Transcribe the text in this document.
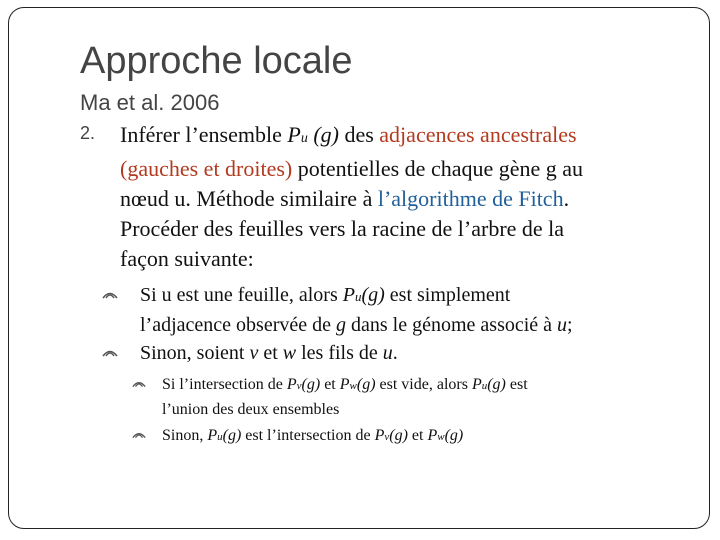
Approche locale
Ma et al. 2006
2. Inférer l’ensemble Pu (g) des adjacences ancestrales
(gauches et droites) potentielles de chaque gène g au
nœud u. Méthode similaire à l’algorithme de Fitch.
Procéder des feuilles vers la racine de l’arbre de la
façon suivante:
Si u est une feuille, alors Pu(g) est simplement
l’adjacence observée de g dans le génome associé à u;
Sinon, soient v et w les fils de u.
Si l’intersection de Pv(g) et Pw(g) est vide, alors Pu(g) est
l’union des deux ensembles
Sinon, Pu(g) est l’intersection de Pv(g) et Pw(g)
